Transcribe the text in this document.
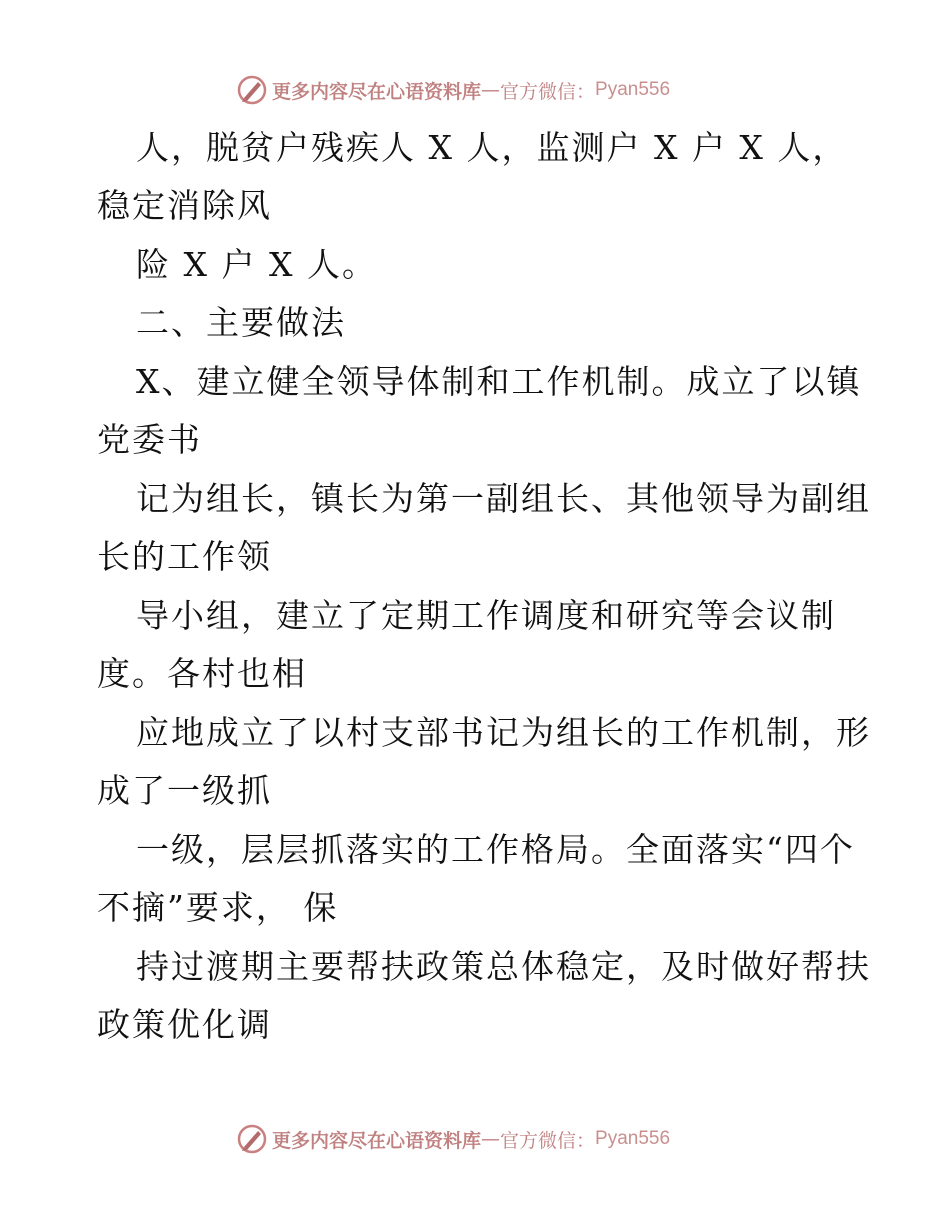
更多内容尽在心语资料库 — 官方微信： Pyan556
人，脱贫户残疾人 X 人，监测户 X 户 X 人，
稳定消除风
险 X 户 X 人。
二、主要做法
X、建立健全领导体制和工作机制。成立了以镇
党委书
记为组长，镇长为第一副组长、其他领导为副组
长的工作领
导小组，建立了定期工作调度和研究等会议制
度。各村也相
应地成立了以村支部书记为组长的工作机制，形
成了一级抓
一级，层层抓落实的工作格局。全面落实“四个
不摘”要求， 保
持过渡期主要帮扶政策总体稳定，及时做好帮扶
政策优化调
更多内容尽在心语资料库 — 官方微信： Pyan556
